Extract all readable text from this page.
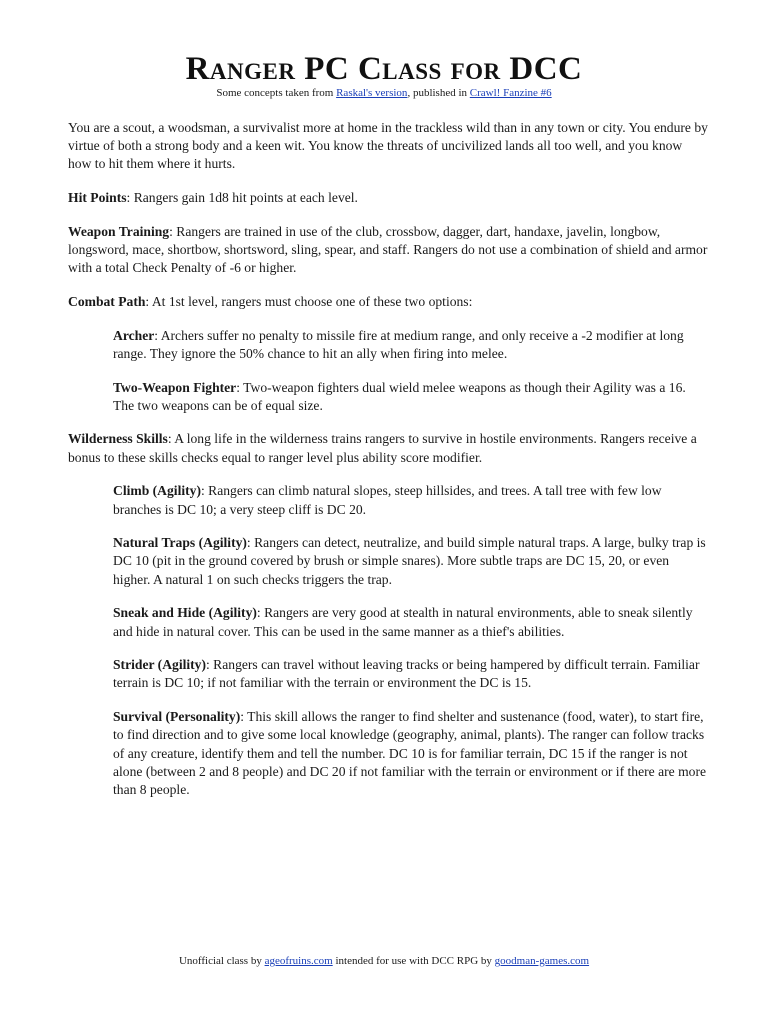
Ranger PC Class for DCC
Some concepts taken from Raskal's version, published in Crawl! Fanzine #6

You are a scout, a woodsman, a survivalist more at home in the trackless wild than in any town or city. You endure by virtue of both a strong body and a keen wit. You know the threats of uncivilized lands all too well, and you know how to hit them where it hurts.

Hit Points: Rangers gain 1d8 hit points at each level.

Weapon Training: Rangers are trained in use of the club, crossbow, dagger, dart, handaxe, javelin, longbow, longsword, mace, shortbow, shortsword, sling, spear, and staff. Rangers do not use a combination of shield and armor with a total Check Penalty of -6 or higher.

Combat Path: At 1st level, rangers must choose one of these two options:

Archer: Archers suffer no penalty to missile fire at medium range, and only receive a -2 modifier at long range. They ignore the 50% chance to hit an ally when firing into melee.

Two-Weapon Fighter: Two-weapon fighters dual wield melee weapons as though their Agility was a 16. The two weapons can be of equal size.

Wilderness Skills: A long life in the wilderness trains rangers to survive in hostile environments. Rangers receive a bonus to these skills checks equal to ranger level plus ability score modifier.

Climb (Agility): Rangers can climb natural slopes, steep hillsides, and trees. A tall tree with few low branches is DC 10; a very steep cliff is DC 20.

Natural Traps (Agility): Rangers can detect, neutralize, and build simple natural traps. A large, bulky trap is DC 10 (pit in the ground covered by brush or simple snares). More subtle traps are DC 15, 20, or even higher. A natural 1 on such checks triggers the trap.

Sneak and Hide (Agility): Rangers are very good at stealth in natural environments, able to sneak silently and hide in natural cover. This can be used in the same manner as a thief's abilities.

Strider (Agility): Rangers can travel without leaving tracks or being hampered by difficult terrain. Familiar terrain is DC 10; if not familiar with the terrain or environment the DC is 15.

Survival (Personality): This skill allows the ranger to find shelter and sustenance (food, water), to start fire, to find direction and to give some local knowledge (geography, animal, plants). The ranger can follow tracks of any creature, identify them and tell the number. DC 10 is for familiar terrain, DC 15 if the ranger is not alone (between 2 and 8 people) and DC 20 if not familiar with the terrain or environment or if there are more than 8 people.

Unofficial class by ageofruins.com intended for use with DCC RPG by goodman-games.com
